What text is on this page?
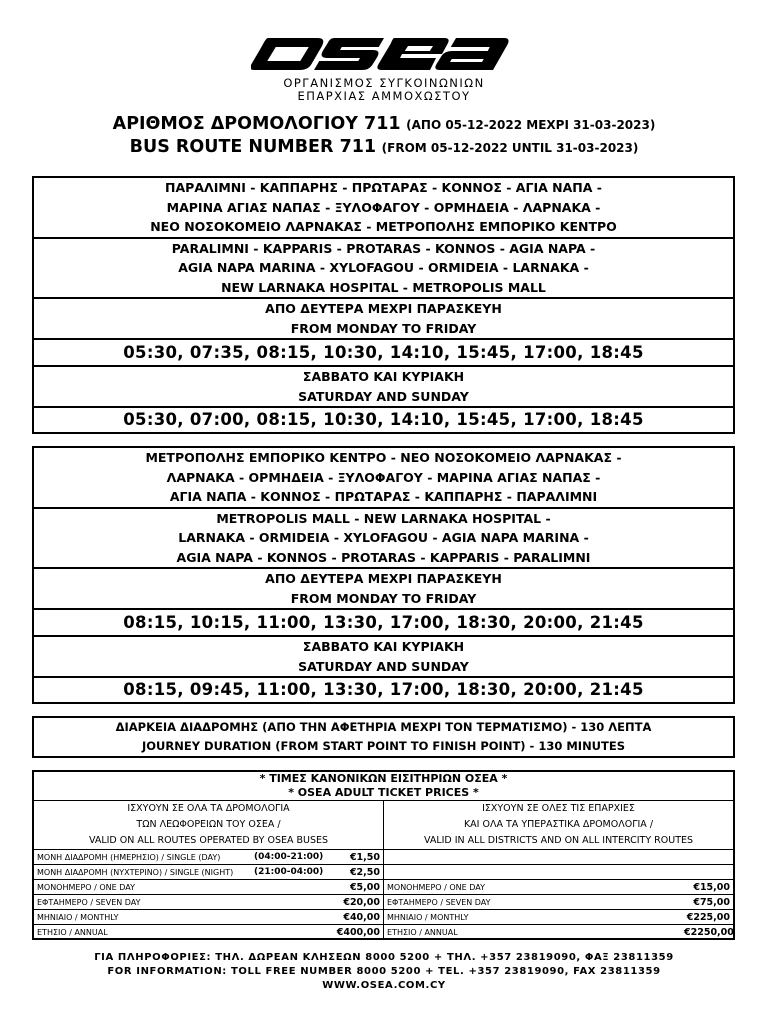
ΟΡΓΑΝΙΣΜΟΣ ΣΥΓΚΟΙΝΩΝΙΩΝ
ΕΠΑΡΧΙΑΣ ΑΜΜΟΧΩΣΤΟΥ
ΑΡΙΘΜΟΣ ΔΡΟΜΟΛΟΓΙΟΥ 711 (ΑΠΟ 05-12-2022 ΜΕΧΡΙ 31-03-2023)
BUS ROUTE NUMBER 711 (FROM 05-12-2022 UNTIL 31-03-2023)
ΠΑΡΑΛΙΜΝΙ - ΚΑΠΠΑΡΗΣ - ΠΡΩΤΑΡΑΣ - ΚΟΝΝΟΣ - ΑΓΙΑ ΝΑΠΑ -
ΜΑΡΙΝΑ ΑΓΙΑΣ ΝΑΠΑΣ - ΞΥΛΟΦΑΓΟΥ - ΟΡΜΗΔΕΙΑ - ΛΑΡΝΑΚΑ -
ΝΕΟ ΝΟΣΟΚΟΜΕΙΟ ΛΑΡΝΑΚΑΣ - ΜΕΤΡΟΠΟΛΗΣ ΕΜΠΟΡΙΚΟ ΚΕΝΤΡΟ
PARALIMNI - KAPPARIS - PROTARAS - KONNOS - AGIA NAPA -
AGIA NAPA MARINA - XYLOFAGOU - ORMIDEIA - LARNAKA -
NEW LARNAKA HOSPITAL - METROPOLIS MALL
ΑΠΟ ΔΕΥΤΕΡΑ ΜΕΧΡΙ ΠΑΡΑΣΚΕΥΗ
FROM MONDAY TO FRIDAY
05:30, 07:35, 08:15, 10:30, 14:10, 15:45, 17:00, 18:45
ΣΑΒΒΑΤΟ ΚΑΙ ΚΥΡΙΑΚΗ
SATURDAY AND SUNDAY
05:30, 07:00, 08:15, 10:30, 14:10, 15:45, 17:00, 18:45
ΜΕΤΡΟΠΟΛΗΣ ΕΜΠΟΡΙΚΟ ΚΕΝΤΡΟ - ΝΕΟ ΝΟΣΟΚΟΜΕΙΟ ΛΑΡΝΑΚΑΣ -
ΛΑΡΝΑΚΑ - ΟΡΜΗΔΕΙΑ - ΞΥΛΟΦΑΓΟΥ - ΜΑΡΙΝΑ ΑΓΙΑΣ ΝΑΠΑΣ -
ΑΓΙΑ ΝΑΠΑ - ΚΟΝΝΟΣ - ΠΡΩΤΑΡΑΣ - ΚΑΠΠΑΡΗΣ - ΠΑΡΑΛΙΜΝΙ
METROPOLIS MALL - NEW LARNAKA HOSPITAL -
LARNAKA - ORMIDEIA - XYLOFAGOU - AGIA NAPA MARINA -
AGIA NAPA - KONNOS - PROTARAS - KAPPARIS - PARALIMNI
ΑΠΟ ΔΕΥΤΕΡΑ ΜΕΧΡΙ ΠΑΡΑΣΚΕΥΗ
FROM MONDAY TO FRIDAY
08:15, 10:15, 11:00, 13:30, 17:00, 18:30, 20:00, 21:45
ΣΑΒΒΑΤΟ ΚΑΙ ΚΥΡΙΑΚΗ
SATURDAY AND SUNDAY
08:15, 09:45, 11:00, 13:30, 17:00, 18:30, 20:00, 21:45
ΔΙΑΡΚΕΙΑ ΔΙΑΔΡΟΜΗΣ (ΑΠΟ ΤΗΝ ΑΦΕΤΗΡΙΑ ΜΕΧΡΙ ΤΟΝ ΤΕΡΜΑΤΙΣΜΟ) - 130 ΛΕΠΤΑ
JOURNEY DURATION (FROM START POINT TO FINISH POINT) - 130 MINUTES
* ΤΙΜΕΣ ΚΑΝΟΝΙΚΩΝ ΕΙΣΙΤΗΡΙΩΝ ΟΣΕΑ *
* OSEA ADULT TICKET PRICES *
ΙΣΧΥΟΥΝ ΣΕ ΟΛΑ ΤΑ ΔΡΟΜΟΛΟΓΙΑ
ΤΩΝ ΛΕΩΦΟΡΕΙΩΝ ΤΟΥ ΟΣΕΑ /
VALID ON ALL ROUTES OPERATED BY OSEA BUSES
ΜΟΝΗ ΔΙΑΔΡΟΜΗ (ΗΜΕΡΗΣΙΟ) / SINGLE (DAY)	(04:00-21:00)	€1,50
ΜΟΝΗ ΔΙΑΔΡΟΜΗ (ΝΥΧΤΕΡΙΝΟ) / SINGLE (NIGHT)	(21:00-04:00)	€2,50
ΜΟΝΟΗΜΕΡΟ / ONE DAY	€5,00
ΕΦΤΑΗΜΕΡΟ / SEVEN DAY	€20,00
ΜΗΝΙΑΙΟ / MONTHLY	€40,00
ΕΤΗΣΙΟ / ANNUAL	€400,00
ΙΣΧΥΟΥΝ ΣΕ ΟΛΕΣ ΤΙΣ ΕΠΑΡΧΙΕΣ
ΚΑΙ ΟΛΑ ΤΑ ΥΠΕΡΑΣΤΙΚΑ ΔΡΟΜΟΛΟΓΙΑ /
VALID IN ALL DISTRICTS AND ON ALL INTERCITY ROUTES
ΜΟΝΟΗΜΕΡΟ / ONE DAY	€15,00
ΕΦΤΑΗΜΕΡΟ / SEVEN DAY	€75,00
ΜΗΝΙΑΙΟ / MONTHLY	€225,00
ΕΤΗΣΙΟ / ANNUAL	€2250,00
ΓΙΑ ΠΛΗΡΟΦΟΡΙΕΣ: ΤΗΛ. ΔΩΡΕΑΝ ΚΛΗΣΕΩΝ 8000 5200 + ΤΗΛ. +357 23819090, ΦΑΞ 23811359
FOR INFORMATION: TOLL FREE NUMBER 8000 5200 + TEL. +357 23819090, FAX 23811359
WWW.OSEA.COM.CY
